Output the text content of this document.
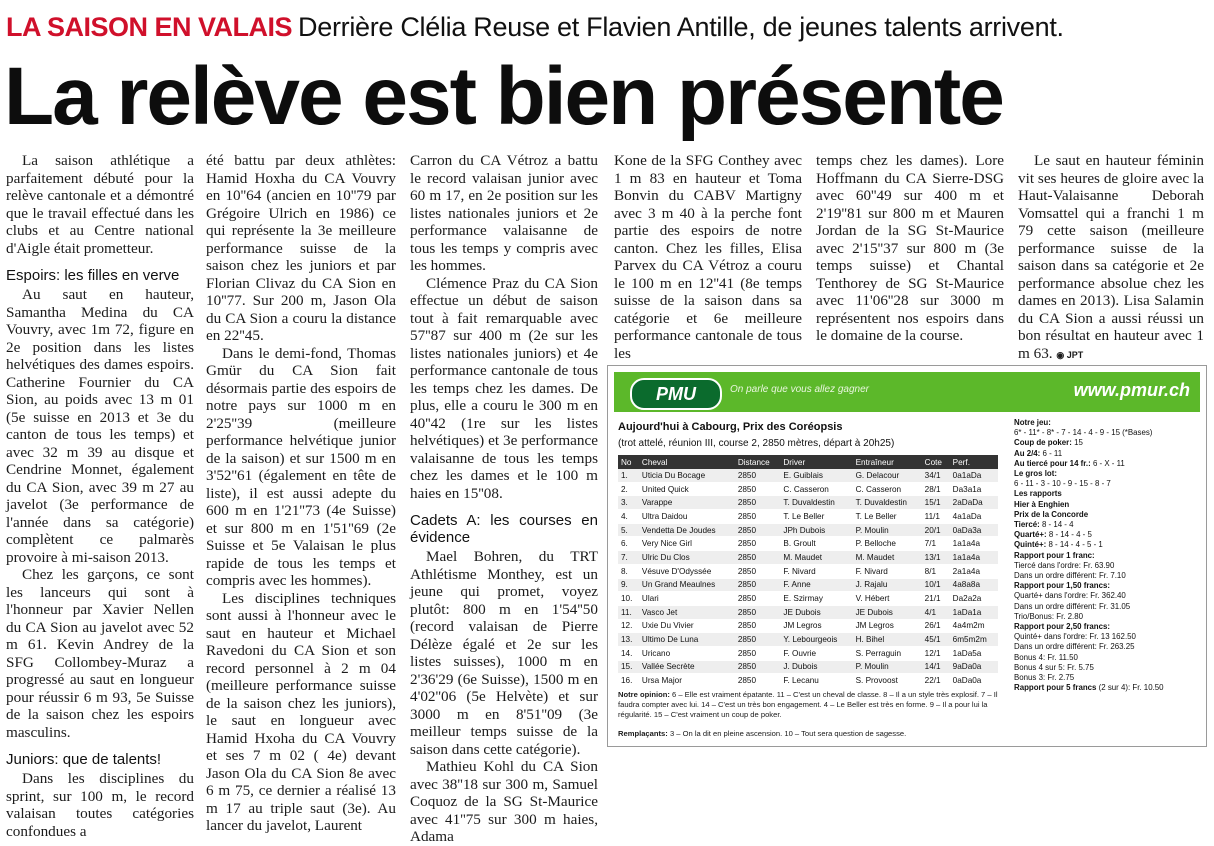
LA SAISON EN VALAIS Derrière Clélia Reuse et Flavien Antille, de jeunes talents arrivent.
La relève est bien présente

La saison athlétique a parfaitement débuté pour la relève cantonale et a démontré que le travail effectué dans les clubs et au Centre national d'Aigle était prometteur.

Espoirs: les filles en verve

Au saut en hauteur, Samantha Medina du CA Vouvry, avec 1m 72, figure en 2e position dans les listes helvétiques des dames espoirs. Catherine Fournier du CA Sion, au poids avec 13 m 01 (5e suisse en 2013 et 3e du canton de tous les temps) et avec 32 m 39 au disque et Cendrine Monnet, également du CA Sion, avec 39 m 27 au javelot (3e performance de l'année dans sa catégorie) complètent ce palmarès provoire à mi-saison 2013.

Chez les garçons, ce sont les lanceurs qui sont à l'honneur par Xavier Nellen du CA Sion au javelot avec 52 m 61. Kevin Andrey de la SFG Collombey-Muraz a progressé au saut en longueur pour réussir 6 m 93, 5e Suisse de la saison chez les espoirs masculins.

Juniors: que de talents!

Dans les disciplines du sprint, sur 100 m, le record valaisan toutes catégories confondues a

été battu par deux athlètes: Hamid Hoxha du CA Vouvry en 10''64 (ancien en 10''79 par Grégoire Ulrich en 1986) ce qui représente la 3e meilleure performance suisse de la saison chez les juniors et par Florian Clivaz du CA Sion en 10''77. Sur 200 m, Jason Ola du CA Sion a couru la distance en 22''45.

Dans le demi-fond, Thomas Gmür du CA Sion fait désormais partie des espoirs de notre pays sur 1000 m en 2'25''39 (meilleure performance helvétique junior de la saison) et sur 1500 m en 3'52''61 (également en tête de liste), il est aussi adepte du 600 m en 1'21''73 (4e Suisse) et sur 800 m en 1'51''69 (2e Suisse et 5e Valaisan le plus rapide de tous les temps et compris avec les hommes).

Les disciplines techniques sont aussi à l'honneur avec le saut en hauteur et Michael Ravedoni du CA Sion et son record personnel à 2 m 04 (meilleure performance suisse de la saison chez les juniors), le saut en longueur avec Hamid Hxoha du CA Vouvry et ses 7 m 02 ( 4e) devant Jason Ola du CA Sion 8e avec 6 m 75, ce dernier a réalisé 13 m 17 au triple saut (3e). Au lancer du javelot, Laurent

Carron du CA Vétroz a battu le record valaisan junior avec 60 m 17, en 2e position sur les listes nationales juniors et 2e performance valaisanne de tous les temps y compris avec les hommes.

Clémence Praz du CA Sion effectue un début de saison tout à fait remarquable avec 57''87 sur 400 m (2e sur les listes nationales juniors) et 4e performance cantonale de tous les temps chez les dames. De plus, elle a couru le 300 m en 40''42 (1re sur les listes helvétiques) et 3e performance valaisanne de tous les temps chez les dames et le 100 m haies en 15''08.

Cadets A: les courses en évidence

Mael Bohren, du TRT Athlétisme Monthey, est un jeune qui promet, voyez plutôt: 800 m en 1'54''50 (record valaisan de Pierre Délèze égalé et 2e sur les listes suisses), 1000 m en 2'36'29 (6e Suisse), 1500 m en 4'02''06 (5e Helvète) et sur 3000 m en 8'51''09 (3e meilleur temps suisse de la saison dans cette catégorie).

Mathieu Kohl du CA Sion avec 38''18 sur 300 m, Samuel Coquoz de la SG St-Maurice avec 41''75 sur 300 m haies, Adama

Kone de la SFG Conthey avec 1 m 83 en hauteur et Toma Bonvin du CABV Martigny avec 3 m 40 à la perche font partie des espoirs de notre canton. Chez les filles, Elisa Parvex du CA Vétroz a couru le 100 m en 12''41 (8e temps suisse de la saison dans sa catégorie et 6e meilleure performance cantonale de tous les

temps chez les dames). Lore Hoffmann du CA Sierre-DSG avec 60''49 sur 400 m et 2'19''81 sur 800 m et Mauren Jordan de la SG St-Maurice avec 2'15''37 sur 800 m (3e temps suisse) et Chantal Tenthorey de SG St-Maurice avec 11'06''28 sur 3000 m représentent nos espoirs dans le domaine de la course.

Le saut en hauteur féminin vit ses heures de gloire avec la Haut-Valaisanne Deborah Vomsattel qui a franchi 1 m 79 cette saison (meilleure performance suisse de la saison dans sa catégorie et 2e performance absolue chez les dames en 2013). Lisa Salamin du CA Sion a aussi réussi un bon résultat en hauteur avec 1 m 63. ◉ JPT

PMU	On parle que vous allez gagner	www.pmur.ch
Aujourd'hui à Cabourg, Prix des Coréopsis
(trot attelé, réunion III, course 2, 2850 mètres, départ à 20h25)
No	Cheval	Distance	Driver	Entraîneur	Cote	Perf.
1.	Uticia Du Bocage	2850	E. Guiblais	G. Delacour	34/1	0a1aDa
2.	United Quick	2850	C. Casseron	C. Casseron	28/1	Da3a1a
3.	Varappe	2850	T. Duvaldestin	T. Duvaldestin	15/1	2aDaDa
4.	Ultra Daidou	2850	T. Le Beller	T. Le Beller	11/1	4a1aDa
5.	Vendetta De Joudes	2850	JPh Dubois	P. Moulin	20/1	0aDa3a
6.	Very Nice Girl	2850	B. Groult	P. Belloche	7/1	1a1a4a
7.	Ulric Du Clos	2850	M. Maudet	M. Maudet	13/1	1a1a4a
8.	Vésuve D'Odyssée	2850	F. Nivard	F. Nivard	8/1	2a1a4a
9.	Un Grand Meaulnes	2850	F. Anne	J. Rajalu	10/1	4a8a8a
10.	Ulari	2850	E. Szirmay	V. Hébert	21/1	Da2a2a
11.	Vasco Jet	2850	JE Dubois	JE Dubois	4/1	1aDa1a
12.	Uxie Du Vivier	2850	JM Legros	JM Legros	26/1	4a4m2m
13.	Ultimo De Luna	2850	Y. Lebourgeois	H. Bihel	45/1	6m5m2m
14.	Uricano	2850	F. Ouvrie	S. Perraguin	12/1	1aDa5a
15.	Vallée Secrète	2850	J. Dubois	P. Moulin	14/1	9aDa0a
16.	Ursa Major	2850	F. Lecanu	S. Provoost	22/1	0aDa0a
Notre opinion: 6 – Elle est vraiment épatante. 11 – C'est un cheval de classe. 8 – Il a un style très explosif. 7 – Il faudra compter avec lui. 14 – C'est un très bon engagement. 4 – Le Beller est très en forme. 9 – Il a pour lui la régularité. 15 – C'est vraiment un coup de poker.
Remplaçants: 3 – On la dit en pleine ascension. 10 – Tout sera question de sagesse.
Notre jeu:
6* - 11* - 8* - 7 - 14 - 4 - 9 - 15 (*Bases)
Coup de poker: 15
Au 2/4: 6 - 11
Au tiercé pour 14 fr.: 6 - X - 11
Le gros lot:
6 - 11 - 3 - 10 - 9 - 15 - 8 - 7
Les rapports
Hier à Enghien
Prix de la Concorde
Tiercé: 8 - 14 - 4
Quarté+: 8 - 14 - 4 - 5
Quinté+: 8 - 14 - 4 - 5 - 1
Rapport pour 1 franc:
Tiercé dans l'ordre: Fr. 63.90
Dans un ordre différent: Fr. 7.10
Rapport pour 1,50 francs:
Quarté+ dans l'ordre: Fr. 362.40
Dans un ordre différent: Fr. 31.05
Trio/Bonus: Fr. 2.80
Rapport pour 2,50 francs:
Quinté+ dans l'ordre: Fr. 13 162.50
Dans un ordre différent: Fr. 263.25
Bonus 4: Fr. 11.50
Bonus 4 sur 5: Fr. 5.75
Bonus 3: Fr. 2.75
Rapport pour 5 francs (2 sur 4): Fr. 10.50
